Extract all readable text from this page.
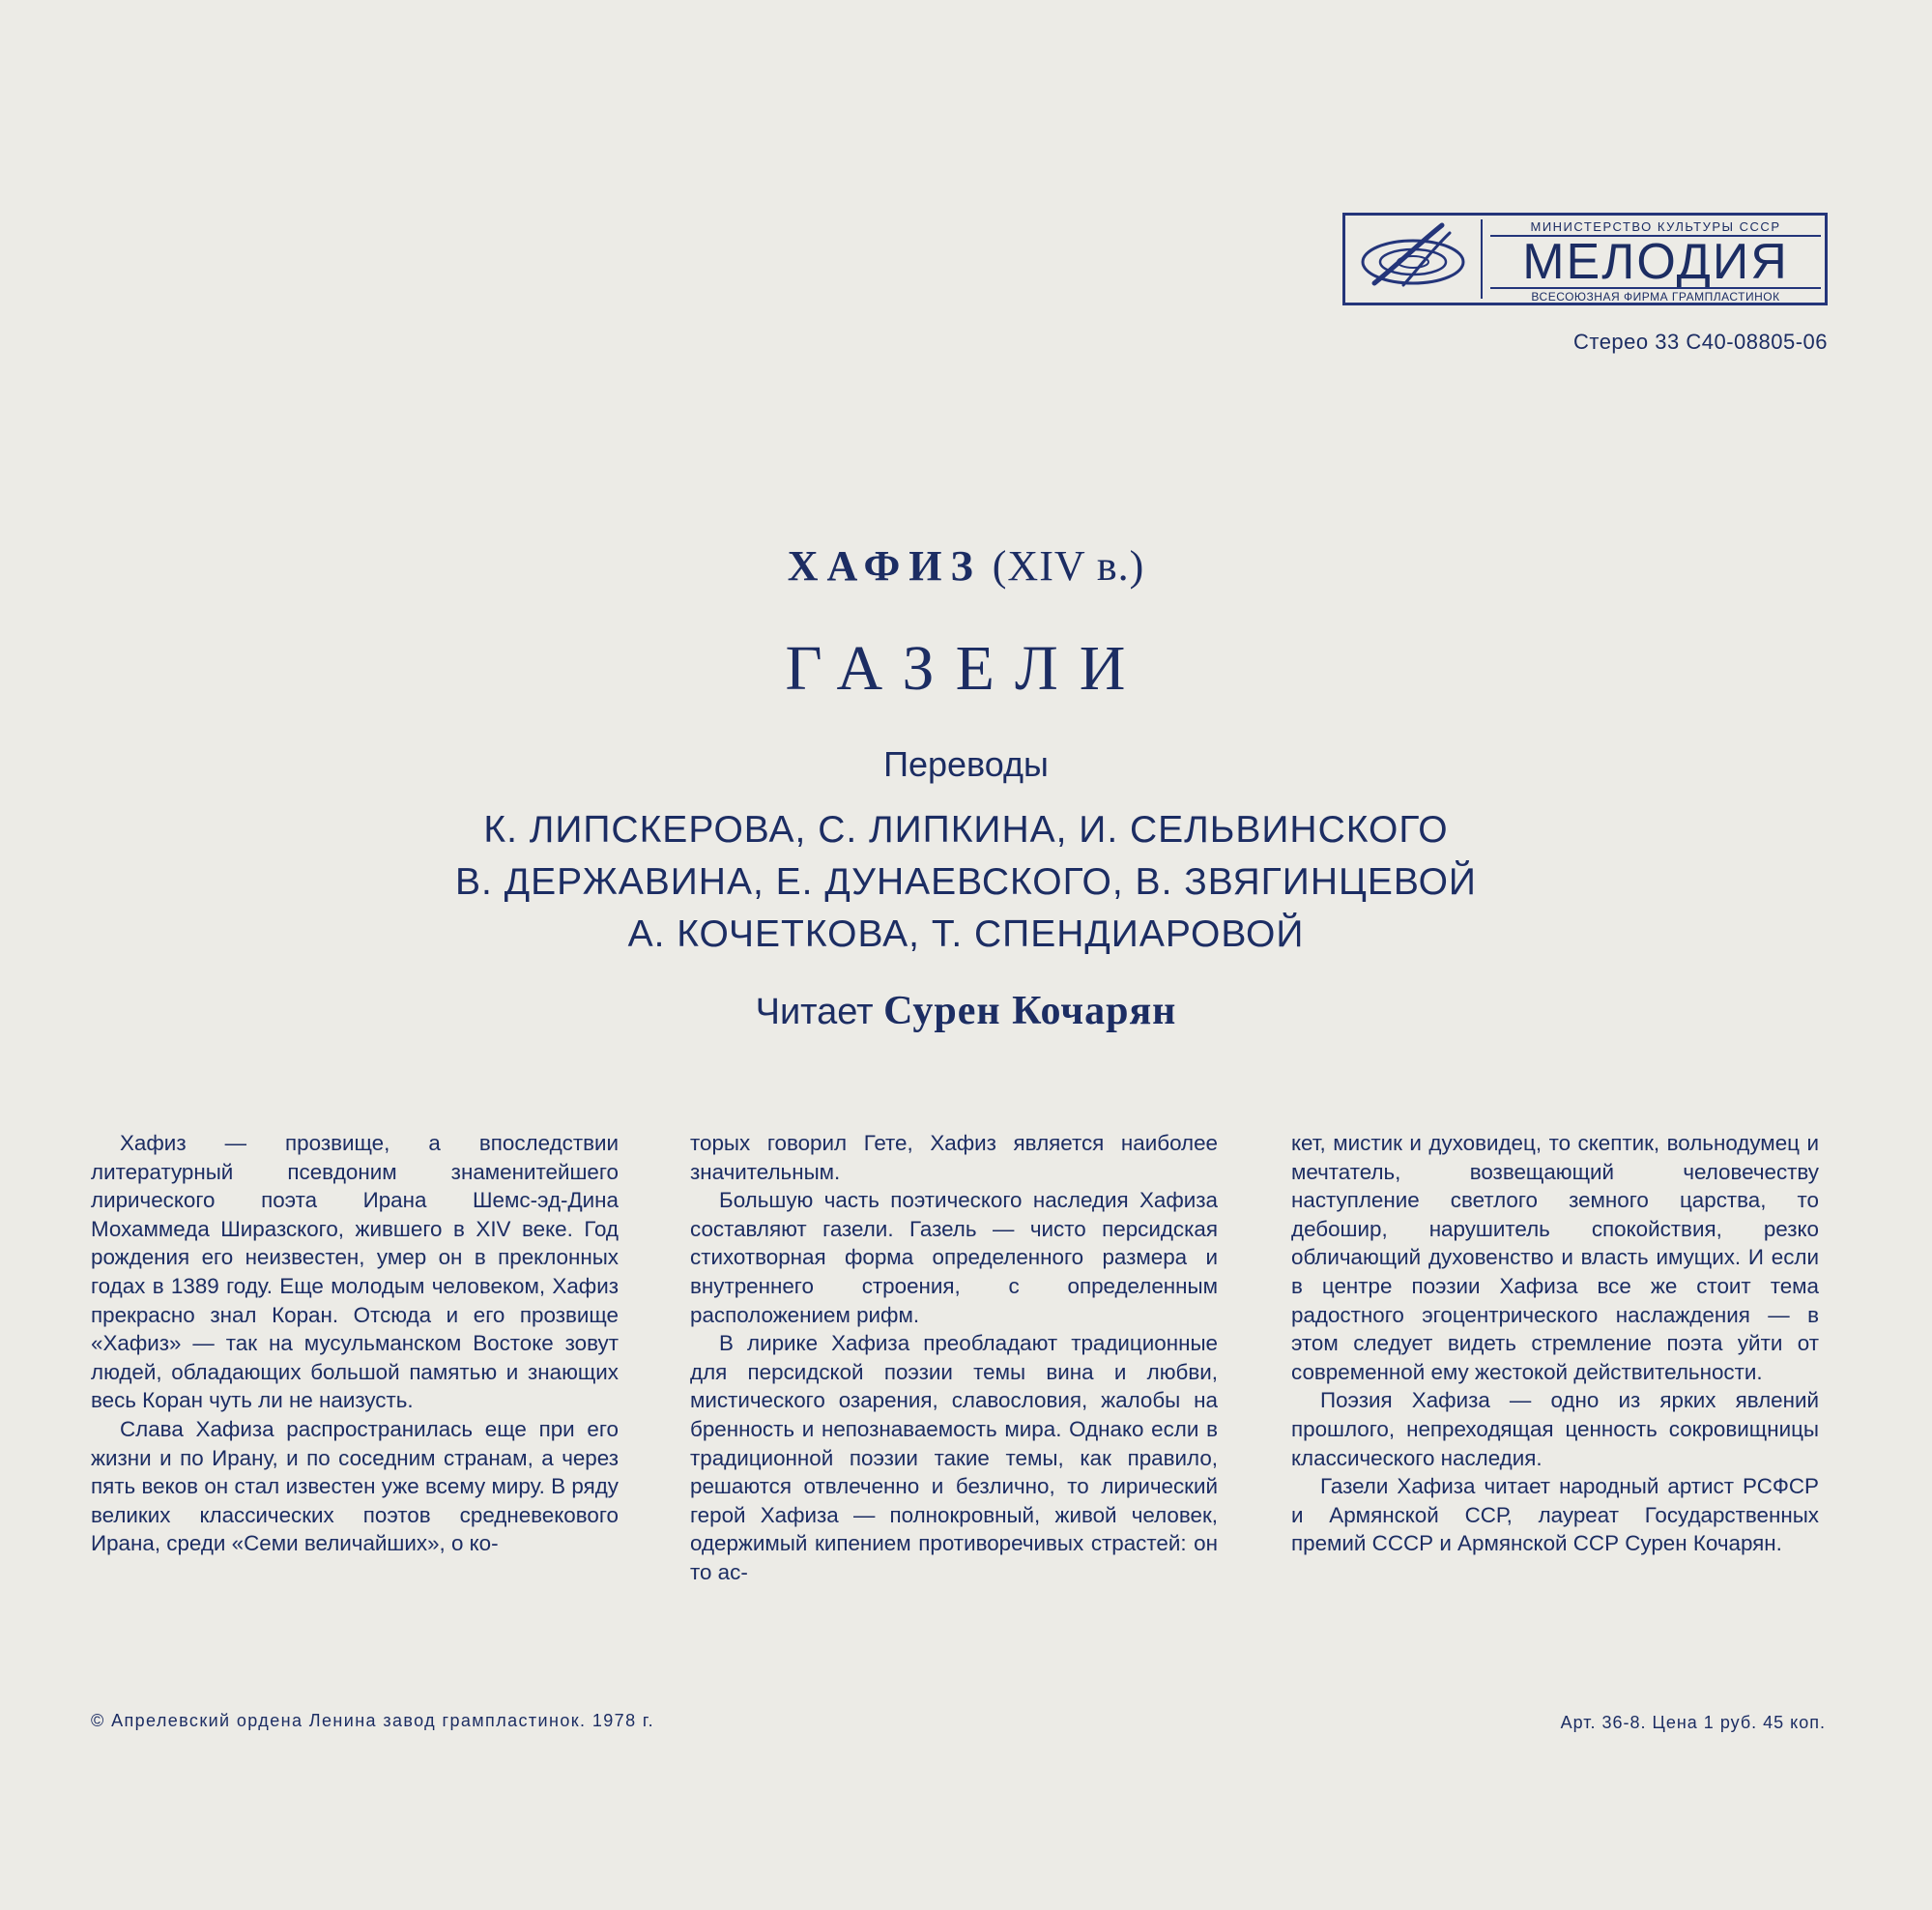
МИНИСТЕРСТВО КУЛЬТУРЫ СССР
МЕЛОДИЯ
ВСЕСОЮЗНАЯ ФИРМА ГРАМПЛАСТИНОК
Стерео 33 С40-08805-06
ХАФИЗ (XIV в.)
ГАЗЕЛИ
Переводы
К. ЛИПСКЕРОВА, С. ЛИПКИНА, И. СЕЛЬВИНСКОГО
В. ДЕРЖАВИНА, Е. ДУНАЕВСКОГО, В. ЗВЯГИНЦЕВОЙ
А. КОЧЕТКОВА, Т. СПЕНДИАРОВОЙ
Читает Сурен Кочарян

Хафиз — прозвище, а впоследствии литературный псевдоним знаменитейшего лирического поэта Ирана Шемс-эд-Дина Мохаммеда Ширазского, жившего в XIV веке. Год рождения его неизвестен, умер он в преклонных годах в 1389 году. Еще молодым человеком, Хафиз прекрасно знал Коран. Отсюда и его прозвище «Хафиз» — так на мусульманском Востоке зовут людей, обладающих большой памятью и знающих весь Коран чуть ли не наизусть.

Слава Хафиза распространилась еще при его жизни и по Ирану, и по соседним странам, а через пять веков он стал известен уже всему миру. В ряду великих классических поэтов средневекового Ирана, среди «Семи величайших», о ко-

торых говорил Гете, Хафиз является наиболее значительным.

Большую часть поэтического наследия Хафиза составляют газели. Газель — чисто персидская стихотворная форма определенного размера и внутреннего строения, с определенным расположением рифм.

В лирике Хафиза преобладают традиционные для персидской поэзии темы вина и любви, мистического озарения, славословия, жалобы на бренность и непознаваемость мира. Однако если в традиционной поэзии такие темы, как правило, решаются отвлеченно и безлично, то лирический герой Хафиза — полнокровный, живой человек, одержимый кипением противоречивых страстей: он то ас-

кет, мистик и духовидец, то скептик, вольнодумец и мечтатель, возвещающий человечеству наступление светлого земного царства, то дебошир, нарушитель спокойствия, резко обличающий духовенство и власть имущих. И если в центре поэзии Хафиза все же стоит тема радостного эгоцентрического наслаждения — в этом следует видеть стремление поэта уйти от современной ему жестокой действительности.

Поэзия Хафиза — одно из ярких явлений прошлого, непреходящая ценность сокровищницы классического наследия.

Газели Хафиза читает народный артист РСФСР и Армянской ССР, лауреат Государственных премий СССР и Армянской ССР Сурен Кочарян.

© Апрелевский ордена Ленина завод грампластинок. 1978 г.	Арт. 36-8. Цена 1 руб. 45 коп.
